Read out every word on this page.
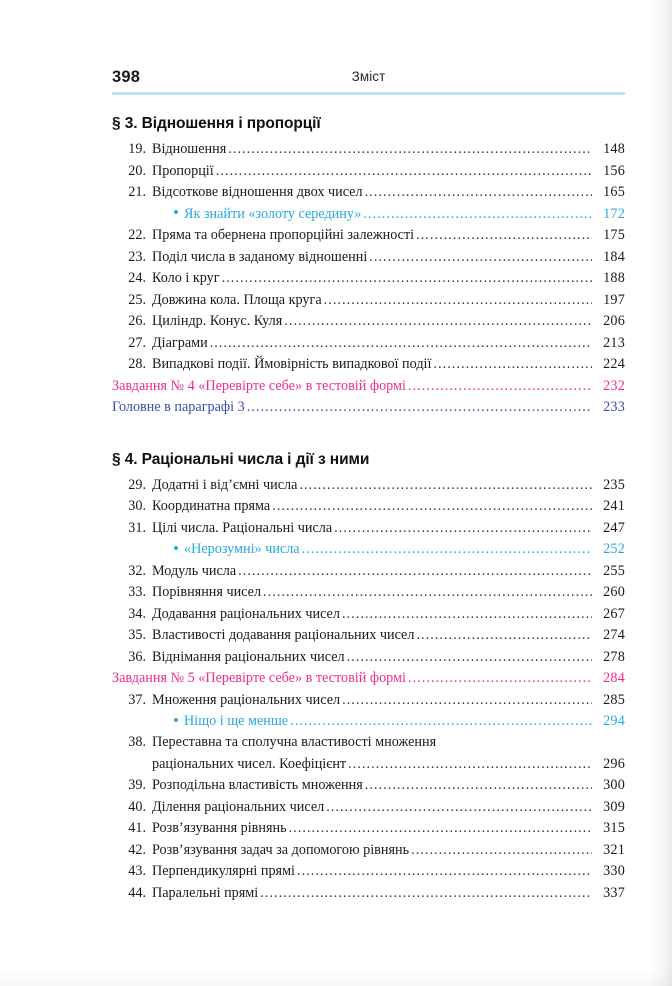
398	Зміст
§ 3. Відношення і пропорції
19. Відношення .....	148
20. Пропорції .....	156
21. Відсоткове відношення двох чисел .....	165
Як знайти «золоту середину» .....	172
22. Пряма та обернена пропорційні залежності .....	175
23. Поділ числа в заданому відношенні .....	184
24. Коло і круг .....	188
25. Довжина кола. Площа круга .....	197
26. Циліндр. Конус. Куля .....	206
27. Діаграми .....	213
28. Випадкові події. Ймовірність випадкової події .....	224
Завдання № 4 «Перевірте себе» в тестовій формі .....	232
Головне в параграфі 3 .....	233
§ 4. Раціональні числа і дії з ними
29. Додатні і від’ємні числа .....	235
30. Координатна пряма .....	241
31. Цілі числа. Раціональні числа .....	247
«Нерозумні» числа .....	252
32. Модуль числа .....	255
33. Порівняння чисел .....	260
34. Додавання раціональних чисел .....	267
35. Властивості додавання раціональних чисел .....	274
36. Віднімання раціональних чисел .....	278
Завдання № 5 «Перевірте себе» в тестовій формі .....	284
37. Множення раціональних чисел .....	285
Ніщо і ще менше .....	294
38. Переставна та сполучна властивості множення
раціональних чисел. Коефіцієнт .....	296
39. Розподільна властивість множення .....	300
40. Ділення раціональних чисел .....	309
41. Розв’язування рівнянь .....	315
42. Розв’язування задач за допомогою рівнянь .....	321
43. Перпендикулярні прямі .....	330
44. Паралельні прямі .....	337
